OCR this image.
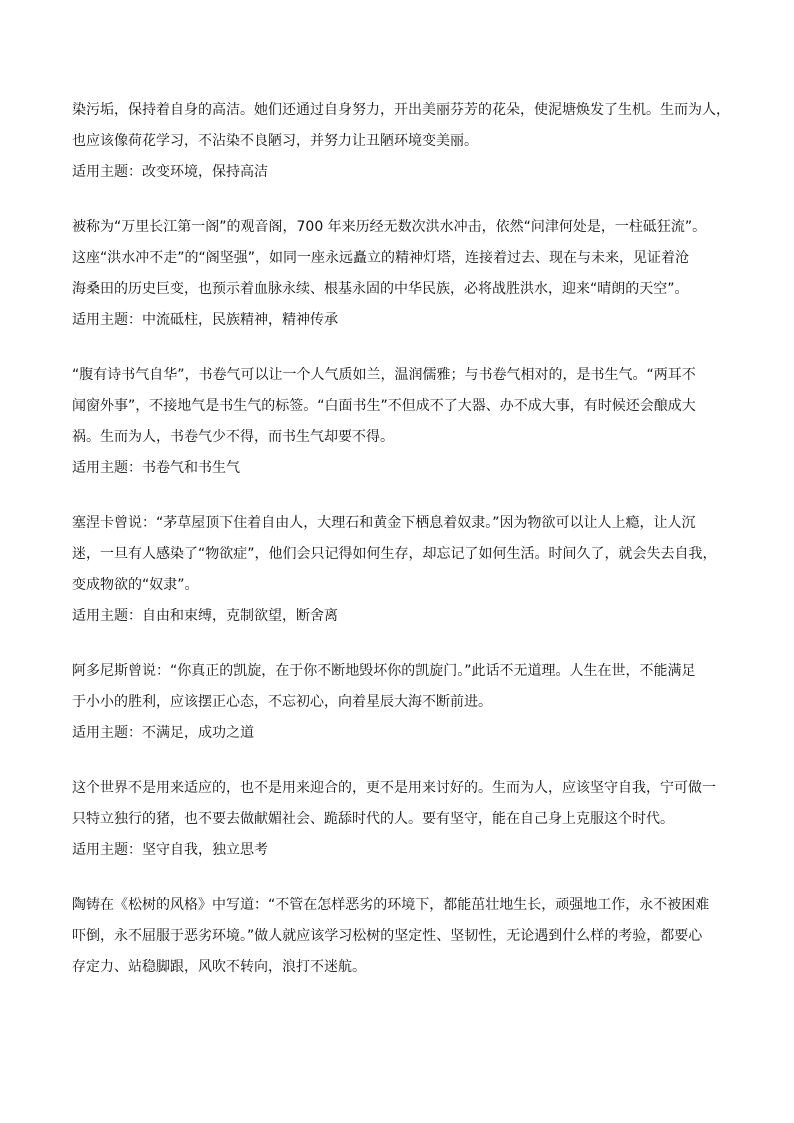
染污垢，保持着自身的高洁。她们还通过自身努力，开出美丽芬芳的花朵，使泥塘焕发了生机。生而为人，
也应该像荷花学习，不沾染不良陋习，并努力让丑陋环境变美丽。
适用主题：改变环境，保持高洁
被称为“万里长江第一阁”的观音阁，700 年来历经无数次洪水冲击，依然“问津何处是，一柱砥狂流”。
这座“洪水冲不走”的“阁坚强”，如同一座永远矗立的精神灯塔，连接着过去、现在与未来，见证着沧
海桑田的历史巨变，也预示着血脉永续、根基永固的中华民族，必将战胜洪水，迎来“晴朗的天空”。
适用主题：中流砥柱，民族精神，精神传承
“腹有诗书气自华”，书卷气可以让一个人气质如兰，温润儒雅；与书卷气相对的，是书生气。“两耳不
闻窗外事”，不接地气是书生气的标签。“白面书生”不但成不了大器、办不成大事，有时候还会酿成大
祸。生而为人，书卷气少不得，而书生气却要不得。
适用主题：书卷气和书生气
塞涅卡曾说：“茅草屋顶下住着自由人，大理石和黄金下栖息着奴隶。”因为物欲可以让人上瘾，让人沉
迷，一旦有人感染了“物欲症”，他们会只记得如何生存，却忘记了如何生活。时间久了，就会失去自我，
变成物欲的“奴隶”。
适用主题：自由和束缚，克制欲望，断舍离
阿多尼斯曾说：“你真正的凯旋，在于你不断地毁坏你的凯旋门。”此话不无道理。人生在世，不能满足
于小小的胜利，应该摆正心态，不忘初心，向着星辰大海不断前进。
适用主题：不满足，成功之道
这个世界不是用来适应的，也不是用来迎合的，更不是用来讨好的。生而为人，应该坚守自我，宁可做一
只特立独行的猪，也不要去做献媚社会、跪舔时代的人。要有坚守，能在自己身上克服这个时代。
适用主题：坚守自我，独立思考
陶铸在《松树的风格》中写道：“不管在怎样恶劣的环境下，都能茁壮地生长，顽强地工作，永不被困难
吓倒，永不屈服于恶劣环境。”做人就应该学习松树的坚定性、坚韧性，无论遇到什么样的考验，都要心
存定力、站稳脚跟，风吹不转向，浪打不迷航。
